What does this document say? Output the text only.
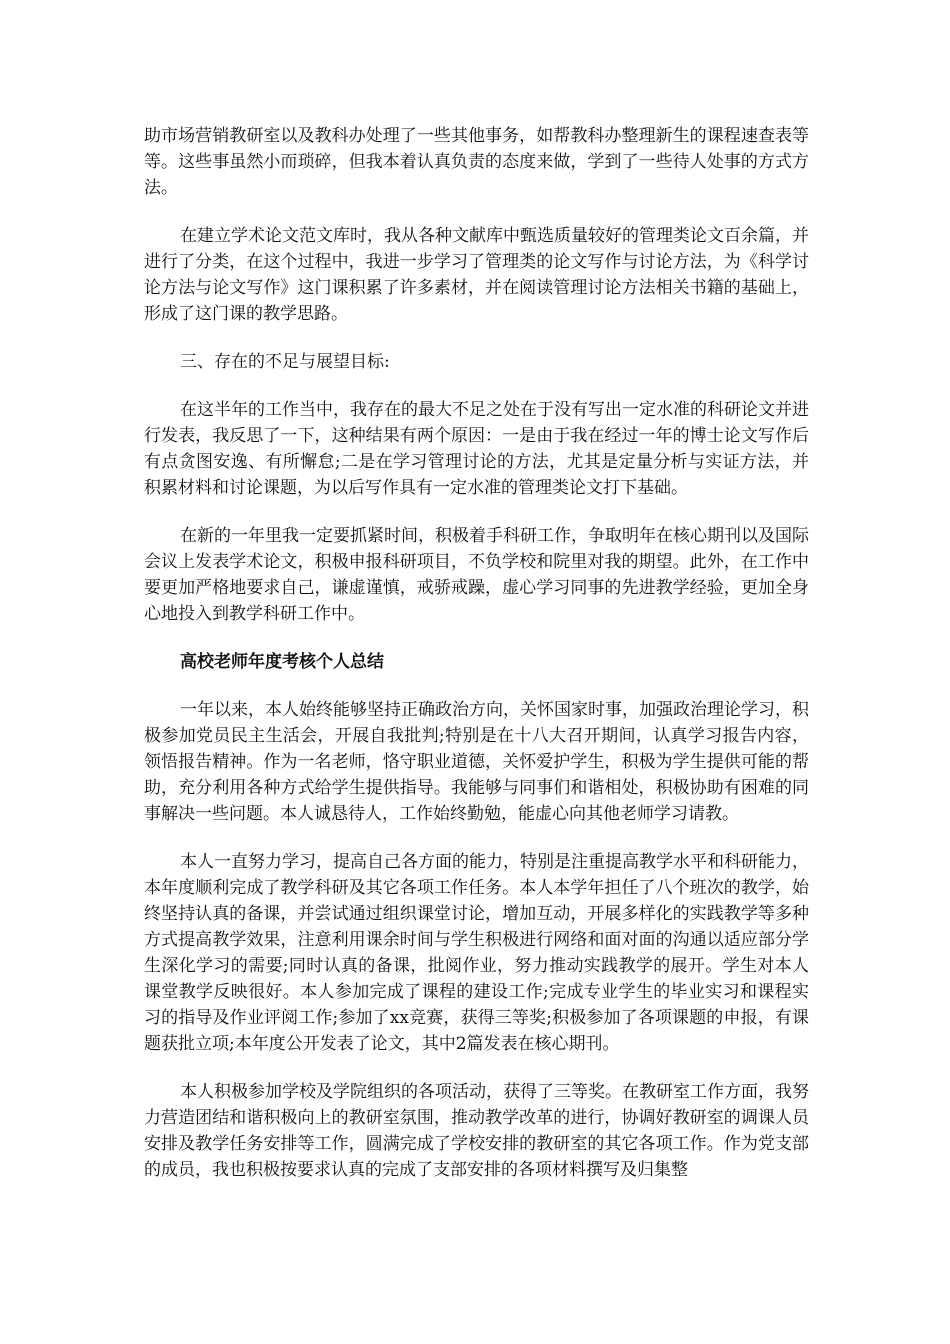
助市场营销教研室以及教科办处理了一些其他事务，如帮教科办整理新生的课程速查表等等。这些事虽然小而琐碎，但我本着认真负责的态度来做，学到了一些待人处事的方式方法。

在建立学术论文范文库时，我从各种文献库中甄选质量较好的管理类论文百余篇，并进行了分类，在这个过程中，我进一步学习了管理类的论文写作与讨论方法，为《科学讨论方法与论文写作》这门课积累了许多素材，并在阅读管理讨论方法相关书籍的基础上，形成了这门课的教学思路。

三、存在的不足与展望目标:

在这半年的工作当中，我存在的最大不足之处在于没有写出一定水准的科研论文并进行发表，我反思了一下，这种结果有两个原因：一是由于我在经过一年的博士论文写作后有点贪图安逸、有所懈怠;二是在学习管理讨论的方法，尤其是定量分析与实证方法，并积累材料和讨论课题，为以后写作具有一定水准的管理类论文打下基础。

在新的一年里我一定要抓紧时间，积极着手科研工作，争取明年在核心期刊以及国际会议上发表学术论文，积极申报科研项目，不负学校和院里对我的期望。此外，在工作中要更加严格地要求自己，谦虚谨慎，戒骄戒躁，虚心学习同事的先进教学经验，更加全身心地投入到教学科研工作中。

高校老师年度考核个人总结

一年以来，本人始终能够坚持正确政治方向，关怀国家时事，加强政治理论学习，积极参加党员民主生活会，开展自我批判;特别是在十八大召开期间，认真学习报告内容，领悟报告精神。作为一名老师，恪守职业道德，关怀爱护学生，积极为学生提供可能的帮助，充分利用各种方式给学生提供指导。我能够与同事们和谐相处，积极协助有困难的同事解决一些问题。本人诚恳待人，工作始终勤勉，能虚心向其他老师学习请教。

本人一直努力学习，提高自己各方面的能力，特别是注重提高教学水平和科研能力，本年度顺利完成了教学科研及其它各项工作任务。本人本学年担任了八个班次的教学，始终坚持认真的备课，并尝试通过组织课堂讨论，增加互动，开展多样化的实践教学等多种方式提高教学效果，注意利用课余时间与学生积极进行网络和面对面的沟通以适应部分学生深化学习的需要;同时认真的备课，批阅作业，努力推动实践教学的展开。学生对本人课堂教学反映很好。本人参加完成了课程的建设工作;完成专业学生的毕业实习和课程实习的指导及作业评阅工作;参加了xx竞赛，获得三等奖;积极参加了各项课题的申报，有课题获批立项;本年度公开发表了论文，其中2篇发表在核心期刊。

本人积极参加学校及学院组织的各项活动，获得了三等奖。在教研室工作方面，我努力营造团结和谐积极向上的教研室氛围，推动教学改革的进行，协调好教研室的调课人员安排及教学任务安排等工作，圆满完成了学校安排的教研室的其它各项工作。作为党支部的成员，我也积极按要求认真的完成了支部安排的各项材料撰写及归集整
